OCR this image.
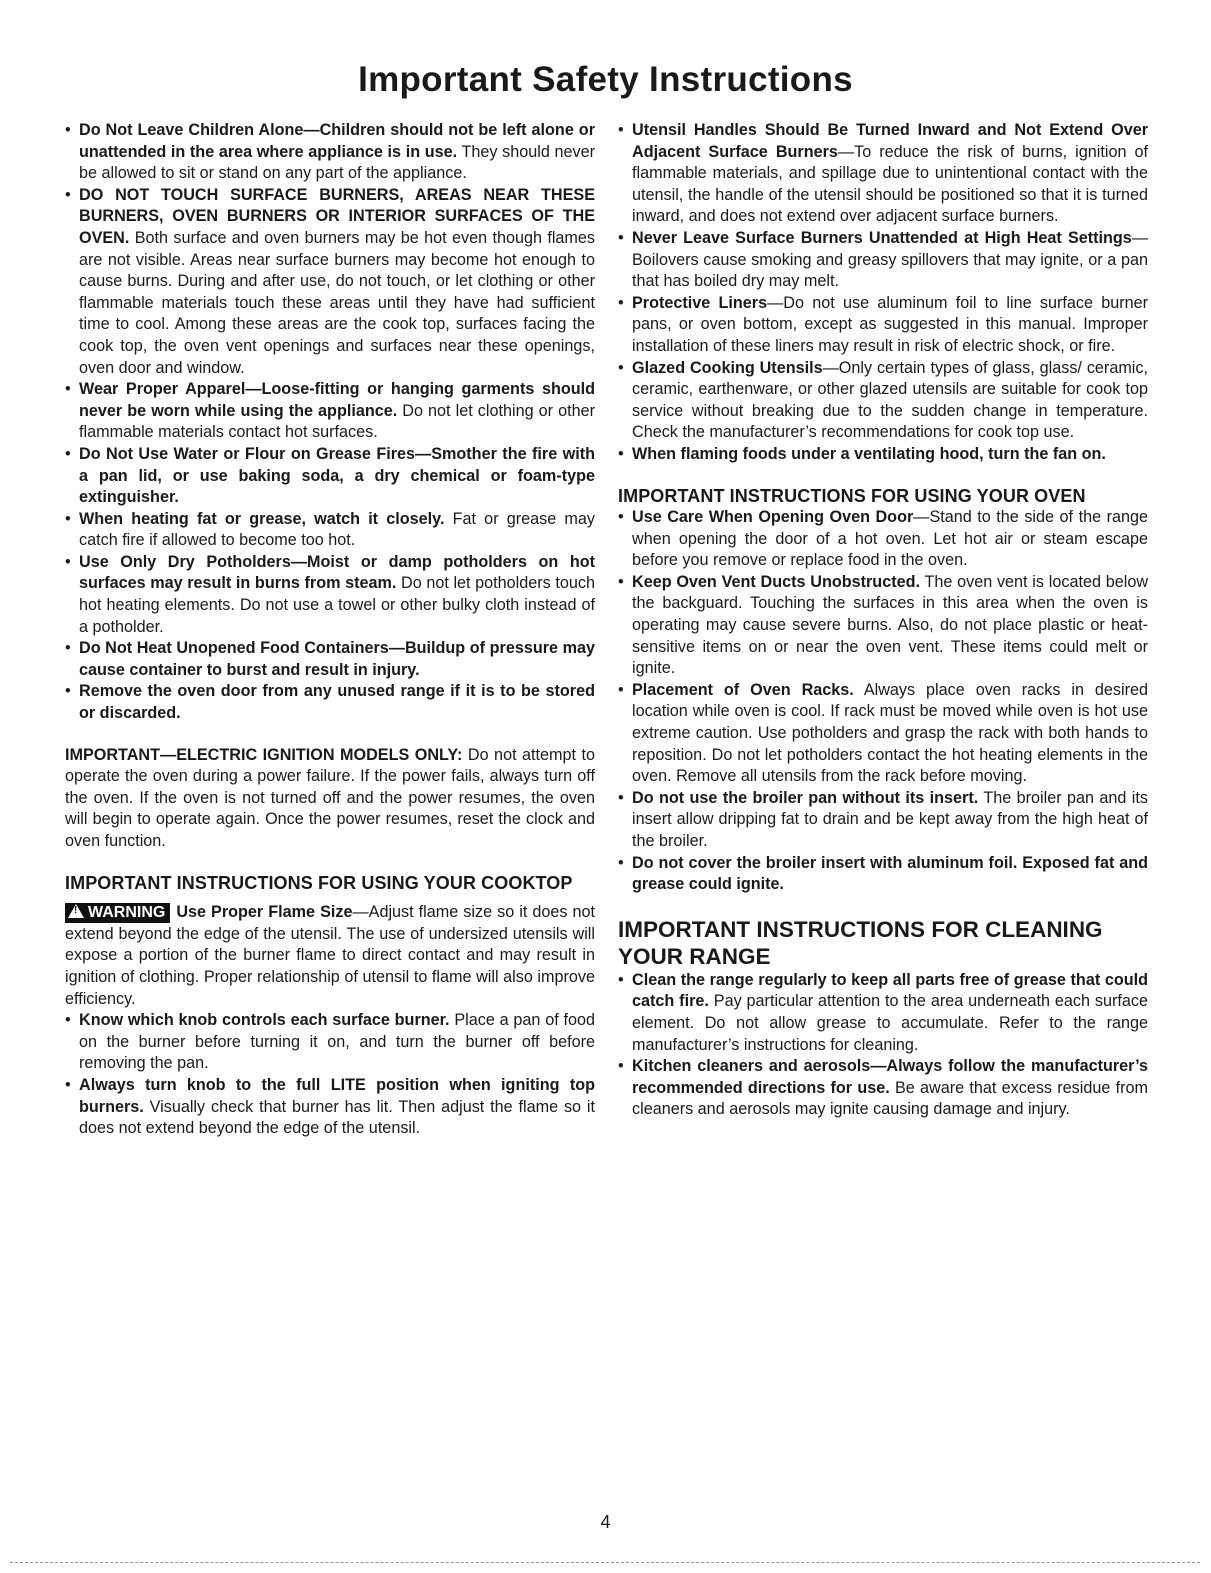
Important Safety Instructions

• Do Not Leave Children Alone—Children should not be left alone or unattended in the area where appliance is in use. They should never be allowed to sit or stand on any part of the appliance.

• DO NOT TOUCH SURFACE BURNERS, AREAS NEAR THESE BURNERS, OVEN BURNERS OR INTERIOR SURFACES OF THE OVEN. Both surface and oven burners may be hot even though flames are not visible. Areas near surface burners may become hot enough to cause burns. During and after use, do not touch, or let clothing or other flammable materials touch these areas until they have had sufficient time to cool. Among these areas are the cook top, surfaces facing the cook top, the oven vent openings and surfaces near these openings, oven door and window.

• Wear Proper Apparel—Loose-fitting or hanging garments should never be worn while using the appliance. Do not let clothing or other flammable materials contact hot surfaces.

• Do Not Use Water or Flour on Grease Fires—Smother the fire with a pan lid, or use baking soda, a dry chemical or foam-type extinguisher.

• When heating fat or grease, watch it closely. Fat or grease may catch fire if allowed to become too hot.

• Use Only Dry Potholders—Moist or damp potholders on hot surfaces may result in burns from steam. Do not let potholders touch hot heating elements. Do not use a towel or other bulky cloth instead of a potholder.

• Do Not Heat Unopened Food Containers—Buildup of pressure may cause container to burst and result in injury.

• Remove the oven door from any unused range if it is to be stored or discarded.

IMPORTANT—ELECTRIC IGNITION MODELS ONLY: Do not attempt to operate the oven during a power failure. If the power fails, always turn off the oven. If the oven is not turned off and the power resumes, the oven will begin to operate again. Once the power resumes, reset the clock and oven function.

IMPORTANT INSTRUCTIONS FOR USING YOUR COOKTOP

! WARNING Use Proper Flame Size—Adjust flame size so it does not extend beyond the edge of the utensil. The use of undersized utensils will expose a portion of the burner flame to direct contact and may result in ignition of clothing. Proper relationship of utensil to flame will also improve efficiency.

• Know which knob controls each surface burner. Place a pan of food on the burner before turning it on, and turn the burner off before removing the pan.

• Always turn knob to the full LITE position when igniting top burners. Visually check that burner has lit. Then adjust the flame so it does not extend beyond the edge of the utensil.

• Utensil Handles Should Be Turned Inward and Not Extend Over Adjacent Surface Burners—To reduce the risk of burns, ignition of flammable materials, and spillage due to unintentional contact with the utensil, the handle of the utensil should be positioned so that it is turned inward, and does not extend over adjacent surface burners.

• Never Leave Surface Burners Unattended at High Heat Settings—Boilovers cause smoking and greasy spillovers that may ignite, or a pan that has boiled dry may melt.

• Protective Liners—Do not use aluminum foil to line surface burner pans, or oven bottom, except as suggested in this manual. Improper installation of these liners may result in risk of electric shock, or fire.

• Glazed Cooking Utensils—Only certain types of glass, glass/ ceramic, ceramic, earthenware, or other glazed utensils are suitable for cook top service without breaking due to the sudden change in temperature. Check the manufacturer’s recommendations for cook top use.

• When flaming foods under a ventilating hood, turn the fan on.

IMPORTANT INSTRUCTIONS FOR USING YOUR OVEN

• Use Care When Opening Oven Door—Stand to the side of the range when opening the door of a hot oven. Let hot air or steam escape before you remove or replace food in the oven.

• Keep Oven Vent Ducts Unobstructed. The oven vent is located below the backguard. Touching the surfaces in this area when the oven is operating may cause severe burns. Also, do not place plastic or heat-sensitive items on or near the oven vent. These items could melt or ignite.

• Placement of Oven Racks. Always place oven racks in desired location while oven is cool. If rack must be moved while oven is hot use extreme caution. Use potholders and grasp the rack with both hands to reposition. Do not let potholders contact the hot heating elements in the oven. Remove all utensils from the rack before moving.

• Do not use the broiler pan without its insert. The broiler pan and its insert allow dripping fat to drain and be kept away from the high heat of the broiler.

• Do not cover the broiler insert with aluminum foil. Exposed fat and grease could ignite.

IMPORTANT INSTRUCTIONS FOR CLEANING YOUR RANGE

• Clean the range regularly to keep all parts free of grease that could catch fire. Pay particular attention to the area underneath each surface element. Do not allow grease to accumulate. Refer to the range manufacturer’s instructions for cleaning.

• Kitchen cleaners and aerosols—Always follow the manufacturer’s recommended directions for use. Be aware that excess residue from cleaners and aerosols may ignite causing damage and injury.

4
